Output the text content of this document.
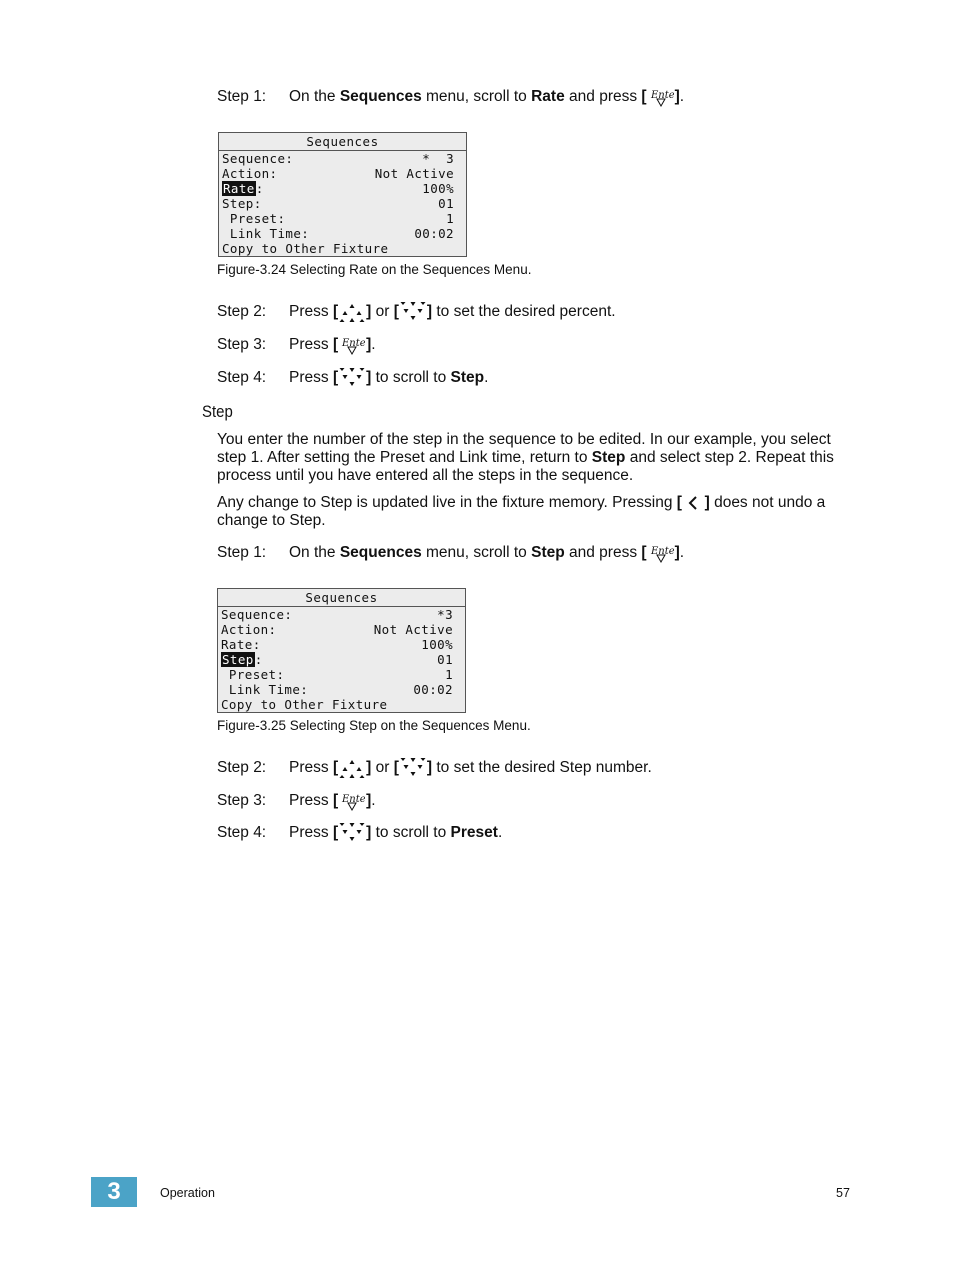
Step 1: On the Sequences menu, scroll to Rate and press [ ].
Sequences
Sequence:	*  3
Action:	Not Active
Rate:	100%
Step:	01
Preset:	1
Link Time:	00:02
Copy to Other Fixture
Figure-3.24 Selecting Rate on the Sequences Menu.
Step 2: Press [ ] or [ ] to set the desired percent.
Step 3: Press [ ].
Step 4: Press [ ] to scroll to Step.
Step
You enter the number of the step in the sequence to be edited. In our example, you select step 1. After setting the Preset and Link time, return to Step and select step 2. Repeat this process until you have entered all the steps in the sequence.
Any change to Step is updated live in the fixture memory. Pressing [ ] does not undo a change to Step.
Step 1: On the Sequences menu, scroll to Step and press [ ].
Sequences
Sequence:	*3
Action:	Not Active
Rate:	100%
Step:	01
Preset:	1
Link Time:	00:02
Copy to Other Fixture
Figure-3.25 Selecting Step on the Sequences Menu.
Step 2: Press [ ] or [ ] to set the desired Step number.
Step 3: Press [ ].
Step 4: Press [ ] to scroll to Preset.
3	Operation	57
